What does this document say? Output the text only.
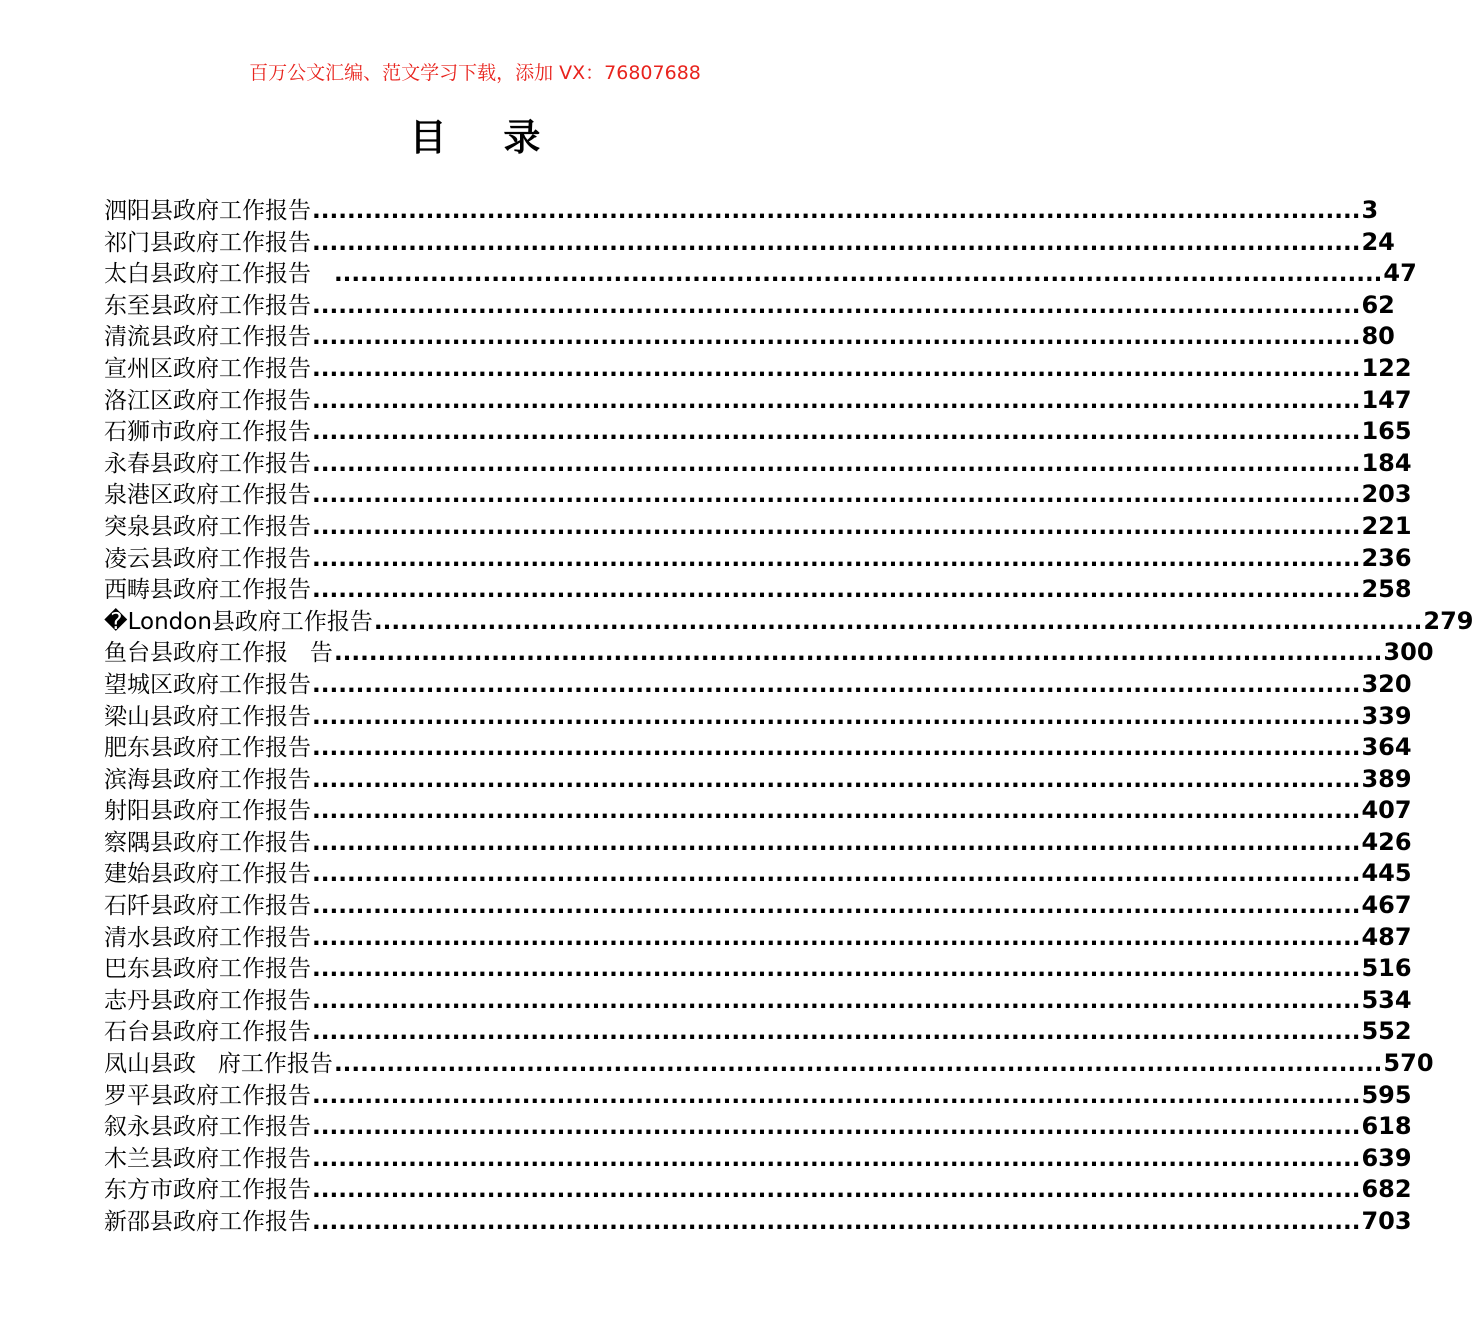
百万公文汇编、范文学习下载，添加 VX：76807688
目 录
泗阳县政府工作报告 ........................................................................................................................ 3
祁门县政府工作报告 ........................................................................................................................ 24
太白县政府工作报告 ........................................................................................................................ 47
东至县政府工作报告 ........................................................................................................................ 62
清流县政府工作报告 ........................................................................................................................ 80
宣州区政府工作报告 ........................................................................................................................ 122
洛江区政府工作报告 ........................................................................................................................ 147
石狮市政府工作报告 ........................................................................................................................ 165
永春县政府工作报告 ........................................................................................................................ 184
泉港区政府工作报告 ........................................................................................................................ 203
突泉县政府工作报告 ........................................................................................................................ 221
凌云县政府工作报告 ........................................................................................................................ 236
西畴县政府工作报告 ........................................................................................................................ 258
�London县政府工作报告 ........................................................................................................................ 279
鱼台县政府工作报   告 ........................................................................................................................ 300
望城区政府工作报告 ........................................................................................................................ 320
梁山县政府工作报告 ........................................................................................................................ 339
肥东县政府工作报告 ........................................................................................................................ 364
滨海县政府工作报告 ........................................................................................................................ 389
射阳县政府工作报告 ........................................................................................................................ 407
察隅县政府工作报告 ........................................................................................................................ 426
建始县政府工作报告 ........................................................................................................................ 445
石阡县政府工作报告 ........................................................................................................................ 467
清水县政府工作报告 ........................................................................................................................ 487
巴东县政府工作报告 ........................................................................................................................ 516
志丹县政府工作报告 ........................................................................................................................ 534
石台县政府工作报告 ........................................................................................................................ 552
凤山县政   府工作报告 ........................................................................................................................ 570
罗平县政府工作报告 ........................................................................................................................ 595
叙永县政府工作报告 ........................................................................................................................ 618
木兰县政府工作报告 ........................................................................................................................ 639
东方市政府工作报告 ........................................................................................................................ 682
新邵县政府工作报告 ........................................................................................................................ 703
